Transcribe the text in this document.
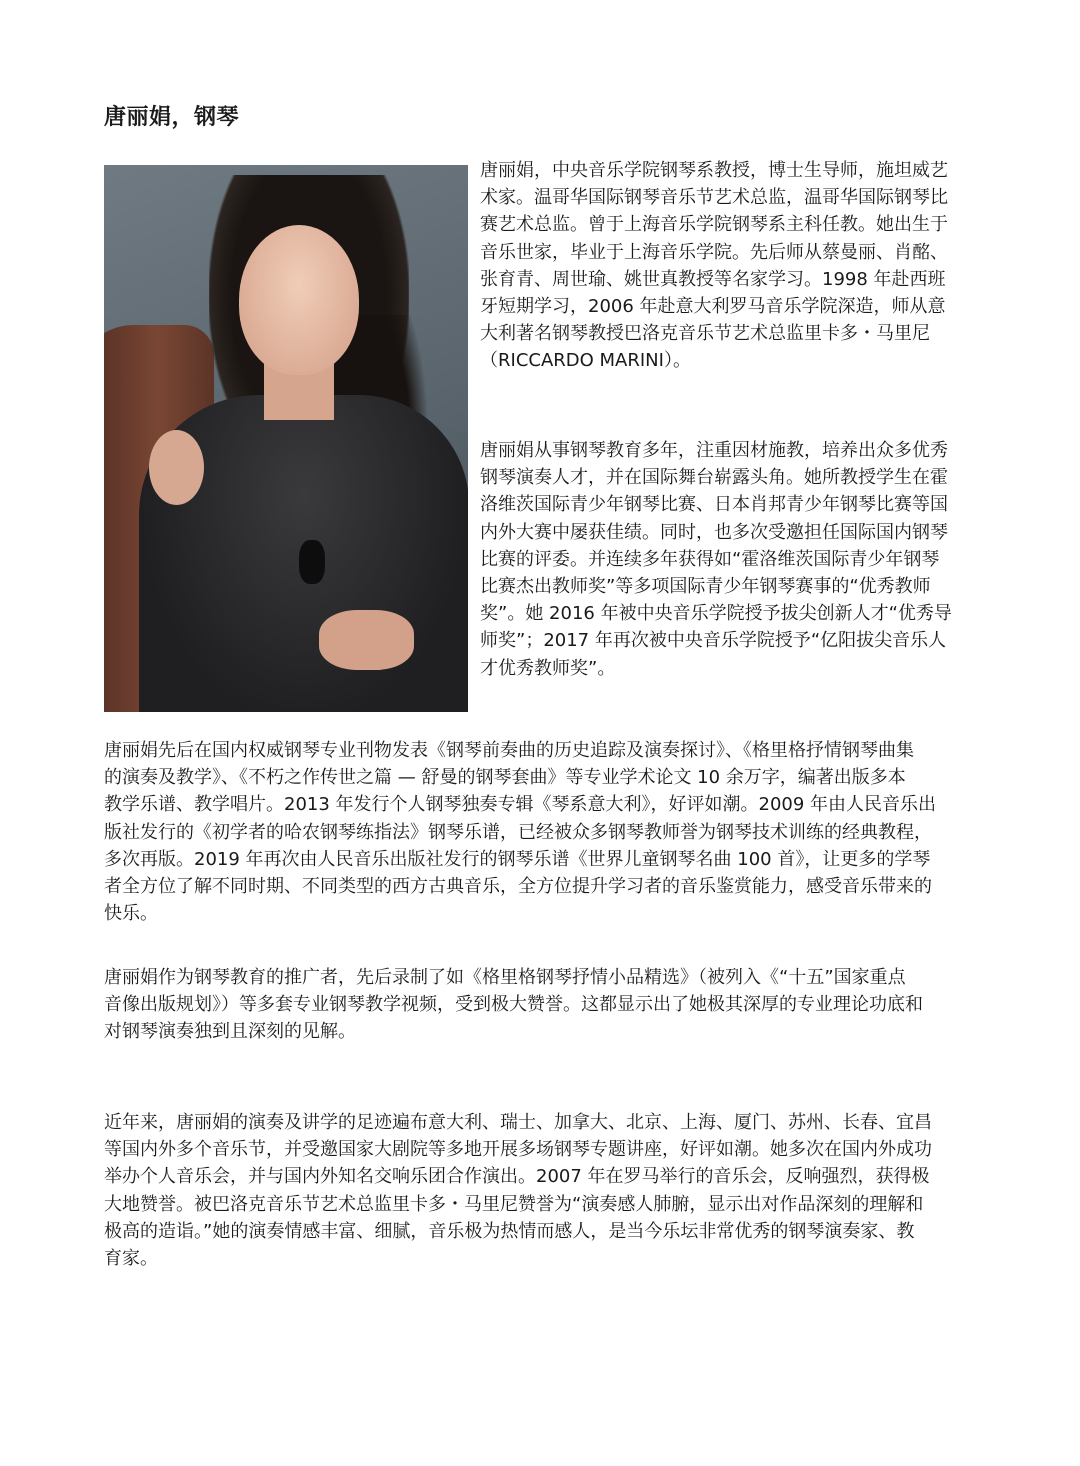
唐丽娟，钢琴
唐丽娟，中央音乐学院钢琴系教授，博士生导师，施坦威艺
术家。温哥华国际钢琴音乐节艺术总监，温哥华国际钢琴比
赛艺术总监。曾于上海音乐学院钢琴系主科任教。她出生于
音乐世家，毕业于上海音乐学院。先后师从蔡曼丽、肖酩、
张育青、周世瑜、姚世真教授等名家学习。1998 年赴西班
牙短期学习，2006 年赴意大利罗马音乐学院深造，师从意
大利著名钢琴教授巴洛克音乐节艺术总监里卡多・马里尼
（RICCARDO MARINI）。
唐丽娟从事钢琴教育多年，注重因材施教，培养出众多优秀
钢琴演奏人才，并在国际舞台崭露头角。她所教授学生在霍
洛维茨国际青少年钢琴比赛、日本肖邦青少年钢琴比赛等国
内外大赛中屡获佳绩。同时，也多次受邀担任国际国内钢琴
比赛的评委。并连续多年获得如“霍洛维茨国际青少年钢琴
比赛杰出教师奖”等多项国际青少年钢琴赛事的“优秀教师
奖”。她 2016 年被中央音乐学院授予拔尖创新人才“优秀导
师奖”；2017 年再次被中央音乐学院授予“亿阳拔尖音乐人
才优秀教师奖”。
唐丽娟先后在国内权威钢琴专业刊物发表《钢琴前奏曲的历史追踪及演奏探讨》、《格里格抒情钢琴曲集
的演奏及教学》、《不朽之作传世之篇 — 舒曼的钢琴套曲》等专业学术论文 10 余万字，编著出版多本
教学乐谱、教学唱片。2013 年发行个人钢琴独奏专辑《琴系意大利》，好评如潮。2009 年由人民音乐出
版社发行的《初学者的哈农钢琴练指法》钢琴乐谱，已经被众多钢琴教师誉为钢琴技术训练的经典教程，
多次再版。2019 年再次由人民音乐出版社发行的钢琴乐谱《世界儿童钢琴名曲 100 首》，让更多的学琴
者全方位了解不同时期、不同类型的西方古典音乐，全方位提升学习者的音乐鉴赏能力，感受音乐带来的
快乐。
唐丽娟作为钢琴教育的推广者，先后录制了如《格里格钢琴抒情小品精选》（被列入《“十五”国家重点
音像出版规划》）等多套专业钢琴教学视频，受到极大赞誉。这都显示出了她极其深厚的专业理论功底和
对钢琴演奏独到且深刻的见解。
近年来，唐丽娟的演奏及讲学的足迹遍布意大利、瑞士、加拿大、北京、上海、厦门、苏州、长春、宜昌
等国内外多个音乐节，并受邀国家大剧院等多地开展多场钢琴专题讲座，好评如潮。她多次在国内外成功
举办个人音乐会，并与国内外知名交响乐团合作演出。2007 年在罗马举行的音乐会，反响强烈，获得极
大地赞誉。被巴洛克音乐节艺术总监里卡多・马里尼赞誉为“演奏感人肺腑，显示出对作品深刻的理解和
极高的造诣。”她的演奏情感丰富、细腻，音乐极为热情而感人，是当今乐坛非常优秀的钢琴演奏家、教
育家。
